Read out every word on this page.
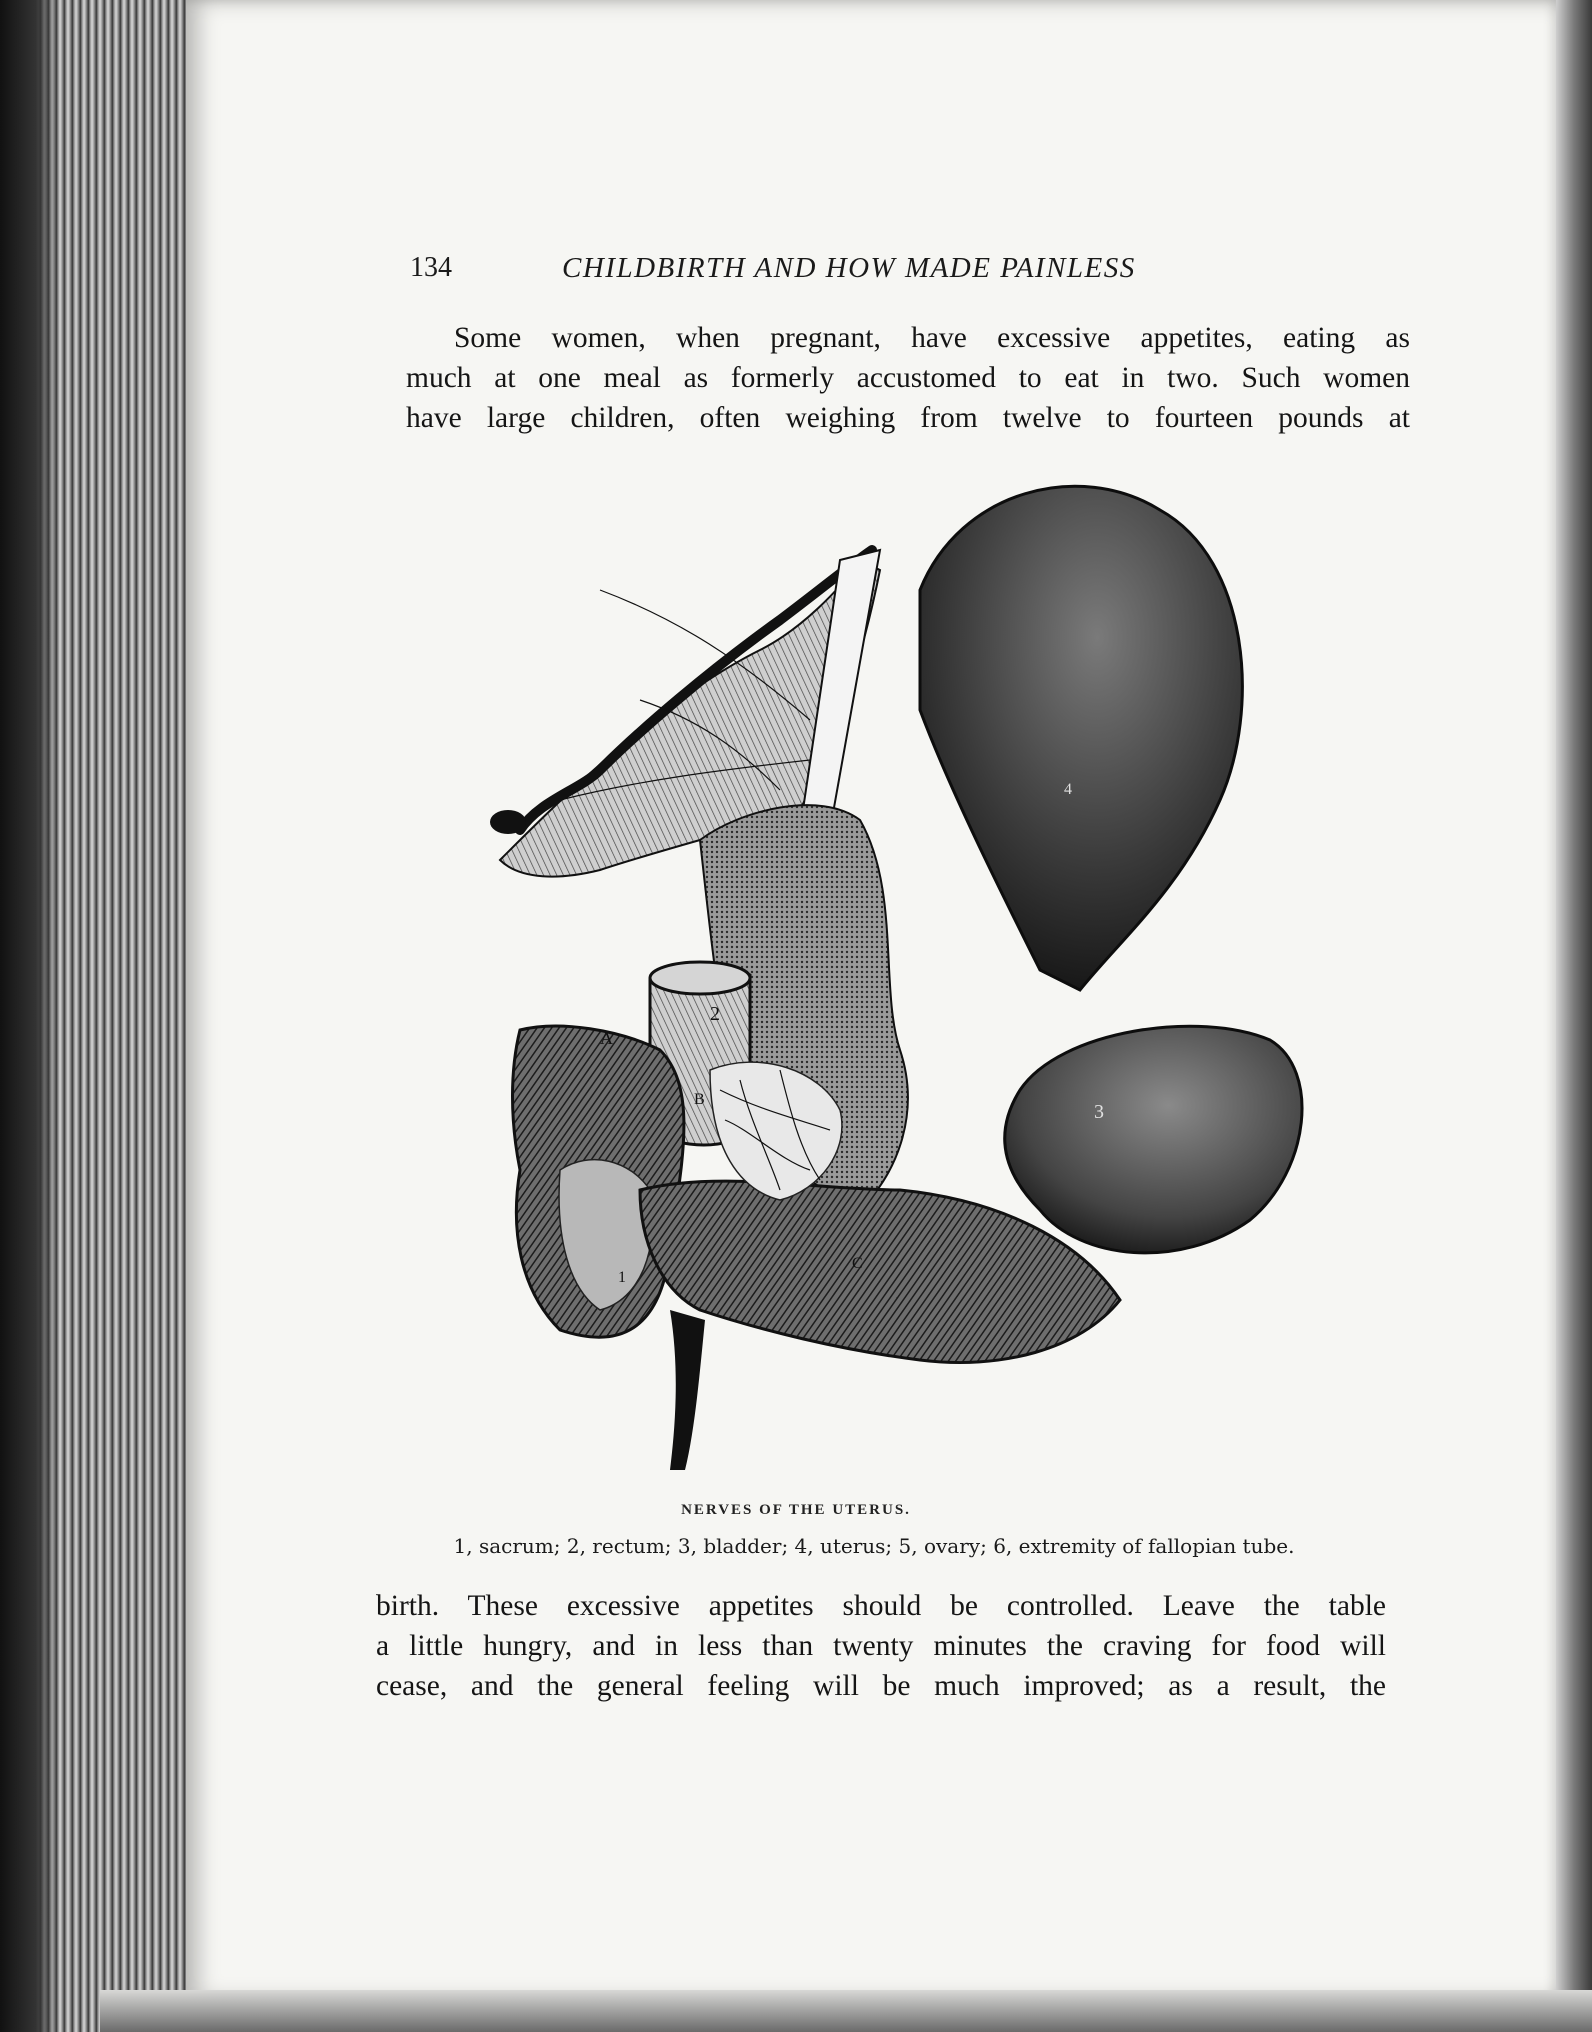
134	CHILDBIRTH AND HOW MADE PAINLESS
Some women, when pregnant, have excessive appetites, eating as
much at one meal as formerly accustomed to eat in two. Such women
have large children, often weighing from twelve to fourteen pounds at
A
B
C
1
2
3
4
NERVES OF THE UTERUS.
1, sacrum; 2, rectum; 3, bladder; 4, uterus; 5, ovary; 6, extremity of fallopian tube.
birth. These excessive appetites should be controlled. Leave the table
a little hungry, and in less than twenty minutes the craving for food will
cease, and the general feeling will be much improved; as a result, the
